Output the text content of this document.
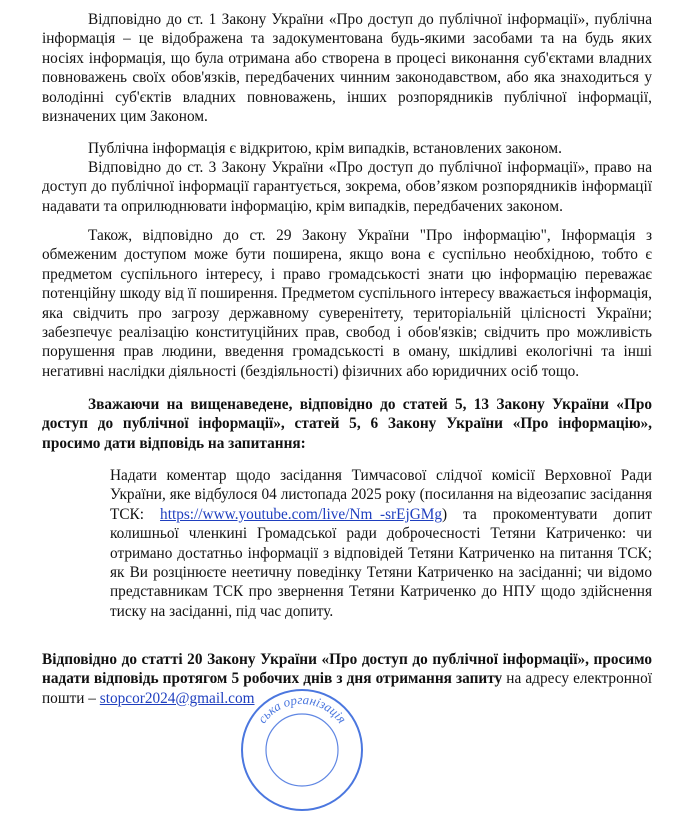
Відповідно до ст. 1 Закону України «Про доступ до публічної інформації», публічна інформація – це відображена та задокументована будь-якими засобами та на будь яких носіях інформація, що була отримана або створена в процесі виконання суб'єктами владних повноважень своїх обов'язків, передбачених чинним законодавством, або яка знаходиться у володінні суб'єктів владних повноважень, інших розпорядників публічної інформації, визначених цим Законом.

Публічна інформація є відкритою, крім випадків, встановлених законом.

Відповідно до ст. 3 Закону України «Про доступ до публічної інформації», право на доступ до публічної інформації гарантується, зокрема, обов’язком розпорядників інформації надавати та оприлюднювати інформацію, крім випадків, передбачених законом.

Також, відповідно до ст. 29 Закону України "Про інформацію", Інформація з обмеженим доступом може бути поширена, якщо вона є суспільно необхідною, тобто є предметом суспільного інтересу, і право громадськості знати цю інформацію переважає потенційну шкоду від її поширення. Предметом суспільного інтересу вважається інформація, яка свідчить про загрозу державному суверенітету, територіальній цілісності України; забезпечує реалізацію конституційних прав, свобод і обов'язків; свідчить про можливість порушення прав людини, введення громадськості в оману, шкідливі екологічні та інші негативні наслідки діяльності (бездіяльності) фізичних або юридичних осіб тощо.

Зважаючи на вищенаведене, відповідно до статей 5, 13 Закону України «Про доступ до публічної інформації», статей 5, 6 Закону України «Про інформацію», просимо дати відповідь на запитання:

Надати коментар щодо засідання Тимчасової слідчої комісії Верховної Ради України, яке відбулося 04 листопада 2025 року (посилання на відеозапис засідання ТСК: https://www.youtube.com/live/Nm_-srEjGMg) та прокоментувати допит колишньої членкині Громадської ради доброчесності Тетяни Катриченко: чи отримано достатньо інформації з відповідей Тетяни Катриченко на питання ТСК; як Ви розцінюєте неетичну поведінку Тетяни Катриченко на засіданні; чи відомо представникам ТСК про звернення Тетяни Катриченко до НПУ щодо здійснення тиску на засіданні, під час допиту.

Відповідно до статті 20 Закону України «Про доступ до публічної інформації», просимо надати відповідь протягом 5 робочих днів з дня отримання запиту на адресу електронної пошти – stopcor2024@gmail.com

ська організація
